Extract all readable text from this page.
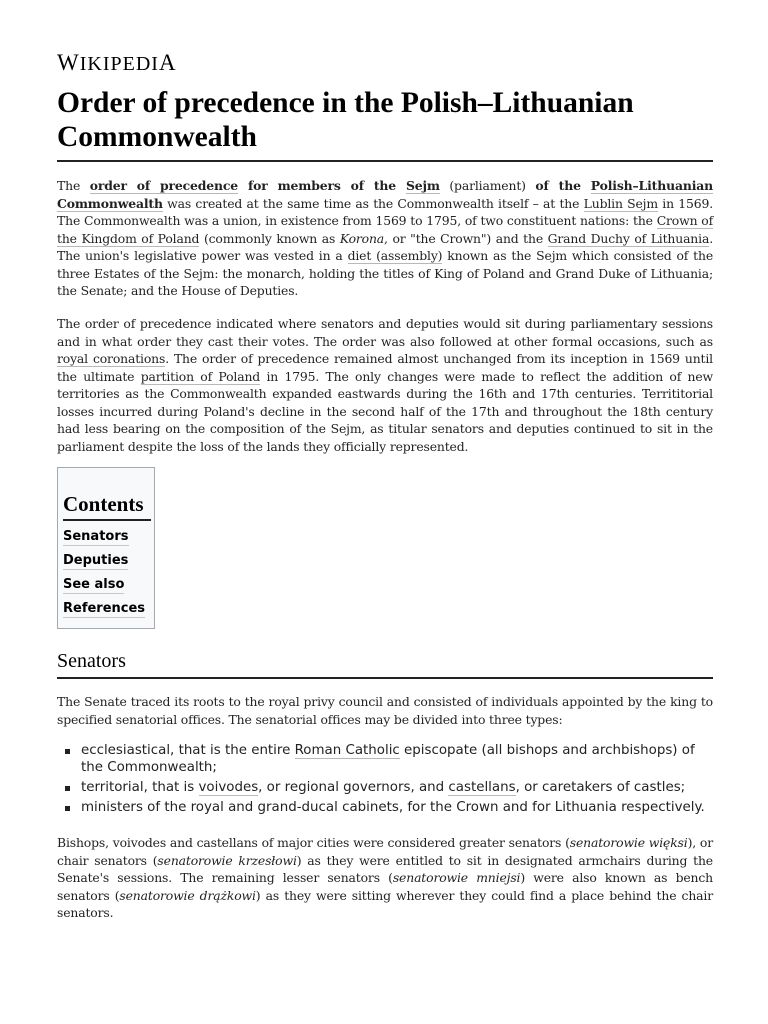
WIKIPEDIA
Order of precedence in the Polish–Lithuanian Commonwealth

The order of precedence for members of the Sejm (parliament) of the Polish–Lithuanian Commonwealth was created at the same time as the Commonwealth itself – at the Lublin Sejm in 1569. The Commonwealth was a union, in existence from 1569 to 1795, of two constituent nations: the Crown of the Kingdom of Poland (commonly known as Korona, or "the Crown") and the Grand Duchy of Lithuania. The union's legislative power was vested in a diet (assembly) known as the Sejm which consisted of the three Estates of the Sejm: the monarch, holding the titles of King of Poland and Grand Duke of Lithuania; the Senate; and the House of Deputies.

The order of precedence indicated where senators and deputies would sit during parliamentary sessions and in what order they cast their votes. The order was also followed at other formal occasions, such as royal coronations. The order of precedence remained almost unchanged from its inception in 1569 until the ultimate partition of Poland in 1795. The only changes were made to reflect the addition of new territories as the Commonwealth expanded eastwards during the 16th and 17th centuries. Territitorial losses incurred during Poland's decline in the second half of the 17th and throughout the 18th century had less bearing on the composition of the Sejm, as titular senators and deputies continued to sit in the parliament despite the loss of the lands they officially represented.

Contents
Senators
Deputies
See also
References
Senators

The Senate traced its roots to the royal privy council and consisted of individuals appointed by the king to specified senatorial offices. The senatorial offices may be divided into three types:

ecclesiastical, that is the entire Roman Catholic episcopate (all bishops and archbishops) of the Commonwealth;
territorial, that is voivodes, or regional governors, and castellans, or caretakers of castles;
ministers of the royal and grand-ducal cabinets, for the Crown and for Lithuania respectively.

Bishops, voivodes and castellans of major cities were considered greater senators (senatorowie więksi), or chair senators (senatorowie krzesłowi) as they were entitled to sit in designated armchairs during the Senate's sessions. The remaining lesser senators (senatorowie mniejsi) were also known as bench senators (senatorowie drążkowi) as they were sitting wherever they could find a place behind the chair senators.
